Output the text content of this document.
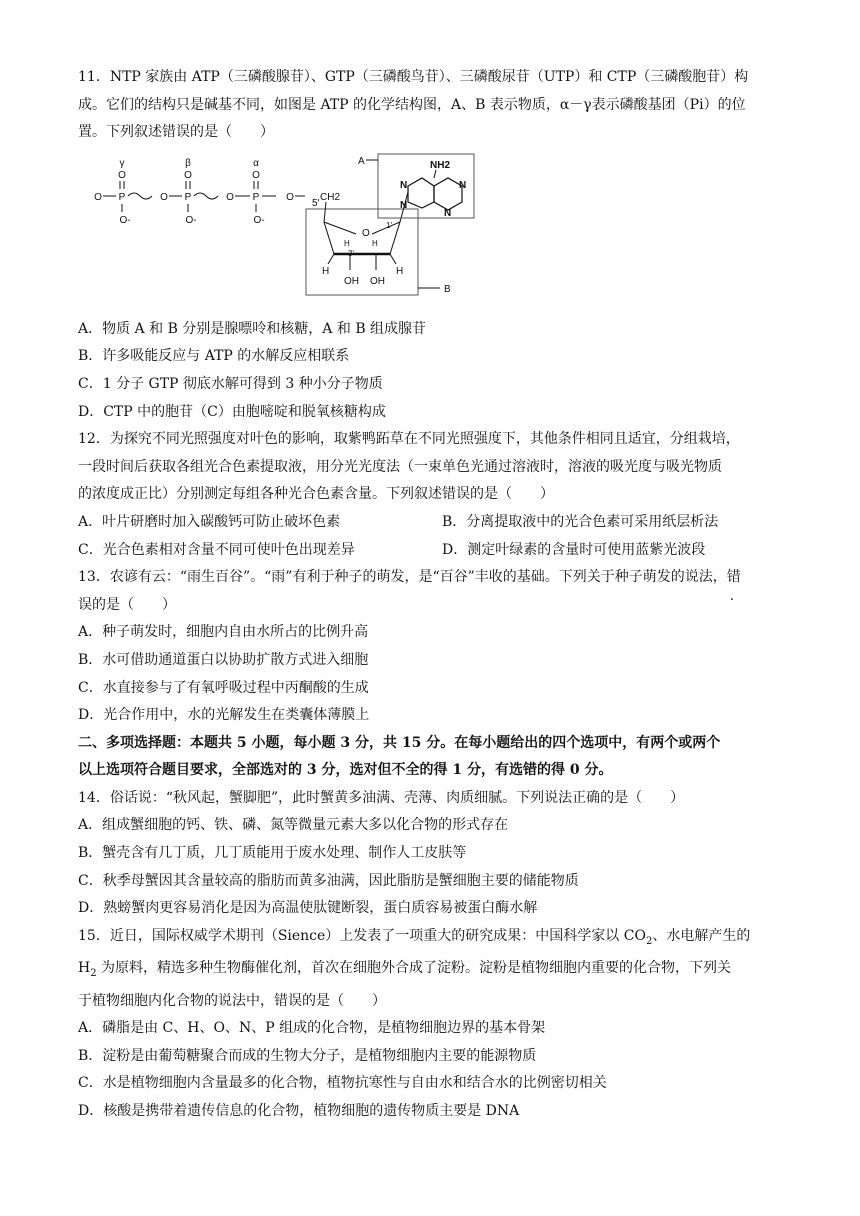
11．NTP 家族由 ATP（三磷酸腺苷）、GTP（三磷酸鸟苷）、三磷酸尿苷（UTP）和 CTP（三磷酸胞苷）构
成。它们的结构只是碱基不同，如图是 ATP 的化学结构图，A、B 表示物质，α－γ表示磷酸基团（Pi）的位
置。下列叙述错误的是（　　）
γ	β	α
O	O	O
O P	O P	O P	O
O-	O-	O-
5'
CH2
O
1'
H
3'
H
H	H
OH OH
B
A	NH2
N
N
N
N
A．物质 A 和 B 分别是腺嘌呤和核糖，A 和 B 组成腺苷
B．许多吸能反应与 ATP 的水解反应相联系
C．1 分子 GTP 彻底水解可得到 3 种小分子物质
D．CTP 中的胞苷（C）由胞嘧啶和脱氧核糖构成
12．为探究不同光照强度对叶色的影响，取紫鸭跖草在不同光照强度下，其他条件相同且适宜，分组栽培，
一段时间后获取各组光合色素提取液，用分光光度法（一束单色光通过溶液时，溶液的吸光度与吸光物质
的浓度成正比）分别测定每组各种光合色素含量。下列叙述错误的是（　　）
A．叶片研磨时加入碳酸钙可防止破坏色素	B．分离提取液中的光合色素可采用纸层析法
C．光合色素相对含量不同可使叶色出现差异	D．测定叶绿素的含量时可使用蓝紫光波段
13．农谚有云：“雨生百谷”。“雨”有利于种子的萌发，是“百谷”丰收的基础。下列关于种子萌发的说法，错
误的是（　　）
A．种子萌发时，细胞内自由水所占的比例升高
B．水可借助通道蛋白以协助扩散方式进入细胞
C．水直接参与了有氧呼吸过程中丙酮酸的生成
D．光合作用中，水的光解发生在类囊体薄膜上
二、多项选择题：本题共 5 小题，每小题 3 分，共 15 分。在每小题给出的四个选项中，有两个或两个
以上选项符合题目要求，全部选对的 3 分，选对但不全的得 1 分，有选错的得 0 分。
14．俗话说：“秋风起，蟹脚肥”，此时蟹黄多油满、壳薄、肉质细腻。下列说法正确的是（　　）
A．组成蟹细胞的钙、铁、磷、氮等微量元素大多以化合物的形式存在
B．蟹壳含有几丁质，几丁质能用于废水处理、制作人工皮肤等
C．秋季母蟹因其含量较高的脂肪而黄多油满，因此脂肪是蟹细胞主要的储能物质
D．熟螃蟹肉更容易消化是因为高温使肽键断裂，蛋白质容易被蛋白酶水解
15．近日，国际权威学术期刊（Sience）上发表了一项重大的研究成果：中国科学家以 $CO_2$、水电解产生的
$H_2$ 为原料，精选多种生物酶催化剂，首次在细胞外合成了淀粉。淀粉是植物细胞内重要的化合物，下列关
于植物细胞内化合物的说法中，错误的是（　　）
A．磷脂是由 C、H、O、N、P 组成的化合物，是植物细胞边界的基本骨架
B．淀粉是由葡萄糖聚合而成的生物大分子，是植物细胞内主要的能源物质
C．水是植物细胞内含量最多的化合物，植物抗寒性与自由水和结合水的比例密切相关
D．核酸是携带着遗传信息的化合物，植物细胞的遗传物质主要是 DNA
